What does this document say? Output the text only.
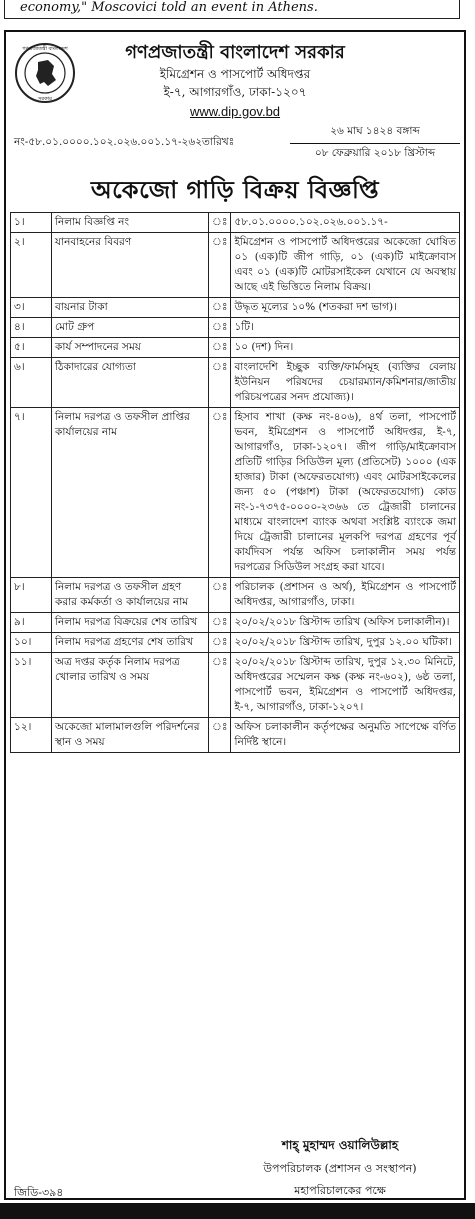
economy," Moscovici told an event in Athens.
গণপ্রজাতন্ত্রী বাংলাদেশ
সরকার
গণপ্রজাতন্ত্রী বাংলাদেশ সরকার
ইমিগ্রেশন ও পাসপোর্ট অধিদপ্তর
ই-৭, আগারগাঁও, ঢাকা-১২০৭
www.dip.gov.bd
নং-৫৮.০১.০০০০.১০২.০২৬.০০১.১৭-২৬২তারিখঃ
২৬ মাঘ ১৪২৪ বঙ্গাব্দ
০৮ ফেব্রুয়ারি ২০১৮ খ্রিস্টাব্দ
অকেজো গাড়ি বিক্রয় বিজ্ঞপ্তি
১।	নিলাম বিজ্ঞপ্তি নং	ঃ	৫৮.০১.০০০০.১০২.০২৬.০০১.১৭-
২।	যানবাহনের বিবরণ	ঃ	ইমিগ্রেশন ও পাসপোর্ট অধিদপ্তরের অকেজো ঘোষিত ০১ (এক)টি জীপ গাড়ি, ০১ (এক)টি মাইক্রোবাস এবং ০১ (এক)টি মোটরসাইকেল যেখানে যে অবস্থায় আছে এই ভিত্তিতে নিলাম বিক্রয়।
৩।	বায়নার টাকা	ঃ	উদ্ধৃত মূল্যের ১০% (শতকরা দশ ভাগ)।
৪।	মোট গ্রুপ	ঃ	১টি।
৫।	কার্য সম্পাদনের সময়	ঃ	১০ (দশ) দিন।
৬।	ঠিকাদারের যোগ্যতা	ঃ	বাংলাদেশি ইচ্ছুক ব্যক্তি/ফার্মসমূহ (ব্যক্তির বেলায় ইউনিয়ন পরিষদের চেয়ারম্যান/কমিশনার/জাতীয় পরিচয়পত্রের সনদ প্রযোজ্য)।
৭।	নিলাম দরপত্র ও তফসীল প্রাপ্তির কার্যালয়ের নাম	ঃ	হিসাব শাখা (কক্ষ নং-৪০৬), ৪র্থ তলা, পাসপোর্ট ভবন, ইমিগ্রেশন ও পাসপোর্ট অধিদপ্তর, ই-৭, আগারগাঁও, ঢাকা-১২০৭। জীপ গাড়ি/মাইক্রোবাস প্রতিটি গাড়ির সিডিউল মূল্য (প্রতিসেট) ১০০০ (এক হাজার) টাকা (অফেরতযোগ্য) এবং মোটরসাইকেলের জন্য ৫০ (পঞ্চাশ) টাকা (অফেরতযোগ্য) কোড নং-১-৭৩৭৫-০০০০-২৩৬৬ তে ট্রেজারী চালানের মাধ্যমে বাংলাদেশ ব্যাংক অথবা সংশ্লিষ্ট ব্যাংকে জমা দিয়ে ট্রেজারী চালানের মূলকপি দরপত্র গ্রহণের পূর্ব কার্যদিবস পর্যন্ত অফিস চলাকালীন সময় পর্যন্ত দরপত্রের সিডিউল সংগ্রহ করা যাবে।
৮।	নিলাম দরপত্র ও তফসীল গ্রহণ করার কর্মকর্তা ও কার্যালয়ের নাম	ঃ	পরিচালক (প্রশাসন ও অর্থ), ইমিগ্রেশন ও পাসপোর্ট অধিদপ্তর, আগারগাঁও, ঢাকা।
৯।	নিলাম দরপত্র বিক্রয়ের শেষ তারিখ	ঃ	২০/০২/২০১৮ খ্রিস্টাব্দ তারিখ (অফিস চলাকালীন)।
১০।	নিলাম দরপত্র গ্রহণের শেষ তারিখ	ঃ	২০/০২/২০১৮ খ্রিস্টাব্দ তারিখ, দুপুর ১২.০০ ঘটিকা।
১১।	অত্র দপ্তর কর্তৃক নিলাম দরপত্র খোলার তারিখ ও সময়	ঃ	২০/০২/২০১৮ খ্রিস্টাব্দ তারিখ, দুপুর ১২.৩০ মিনিটে, অধিদপ্তরের সম্মেলন কক্ষ (কক্ষ নং-৬০২), ৬ষ্ঠ তলা, পাসপোর্ট ভবন, ইমিগ্রেশন ও পাসপোর্ট অধিদপ্তর, ই-৭, আগারগাঁও, ঢাকা-১২০৭।
১২।	অকেজো মালামালগুলি পরিদর্শনের স্থান ও সময়	ঃ	অফিস চলাকালীন কর্তৃপক্ষের অনুমতি সাপেক্ষে বর্ণিত নির্দিষ্ট স্থানে।
শাহ্ মুহাম্মদ ওয়ালিউল্লাহ
উপপরিচালক (প্রশাসন ও সংস্থাপন)
মহাপরিচালকের পক্ষে
জিডি-৩৯৪
